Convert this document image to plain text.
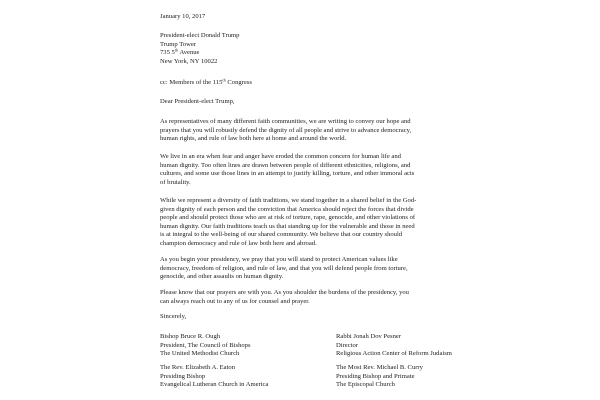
January 10, 2017
President-elect Donald Trump
Trump Tower
735 5th Avenue
New York, NY 10022
cc: Members of the 115th Congress
Dear President-elect Trump,
As representatives of many different faith communities, we are writing to convey our hope and
prayers that you will robustly defend the dignity of all people and strive to advance democracy,
human rights, and rule of law both here at home and around the world.
We live in an era when fear and anger have eroded the common concern for human life and
human dignity. Too often lines are drawn between people of different ethnicities, religions, and
cultures, and some use those lines in an attempt to justify killing, torture, and other immoral acts
of brutality.
While we represent a diversity of faith traditions, we stand together in a shared belief in the God-
given dignity of each person and the conviction that America should reject the forces that divide
people and should protect those who are at risk of torture, rape, genocide, and other violations of
human dignity. Our faith traditions teach us that standing up for the vulnerable and those in need
is at integral to the well-being of our shared community. We believe that our country should
champion democracy and rule of law both here and abroad.
As you begin your presidency, we pray that you will stand to protect American values like
democracy, freedom of religion, and rule of law, and that you will defend people from torture,
genocide, and other assaults on human dignity.
Please know that our prayers are with you. As you shoulder the burdens of the presidency, you
can always reach out to any of us for counsel and prayer.
Sincerely,
Bishop Bruce R. Ough
President, The Council of Bishops
The United Methodist Church
Rabbi Jonah Dov Pesner
Director
Religious Action Center of Reform Judaism
The Rev. Elizabeth A. Eaton
Presiding Bishop
Evangelical Lutheran Church in America
The Most Rev. Michael B. Curry
Presiding Bishop and Primate
The Episcopal Church
